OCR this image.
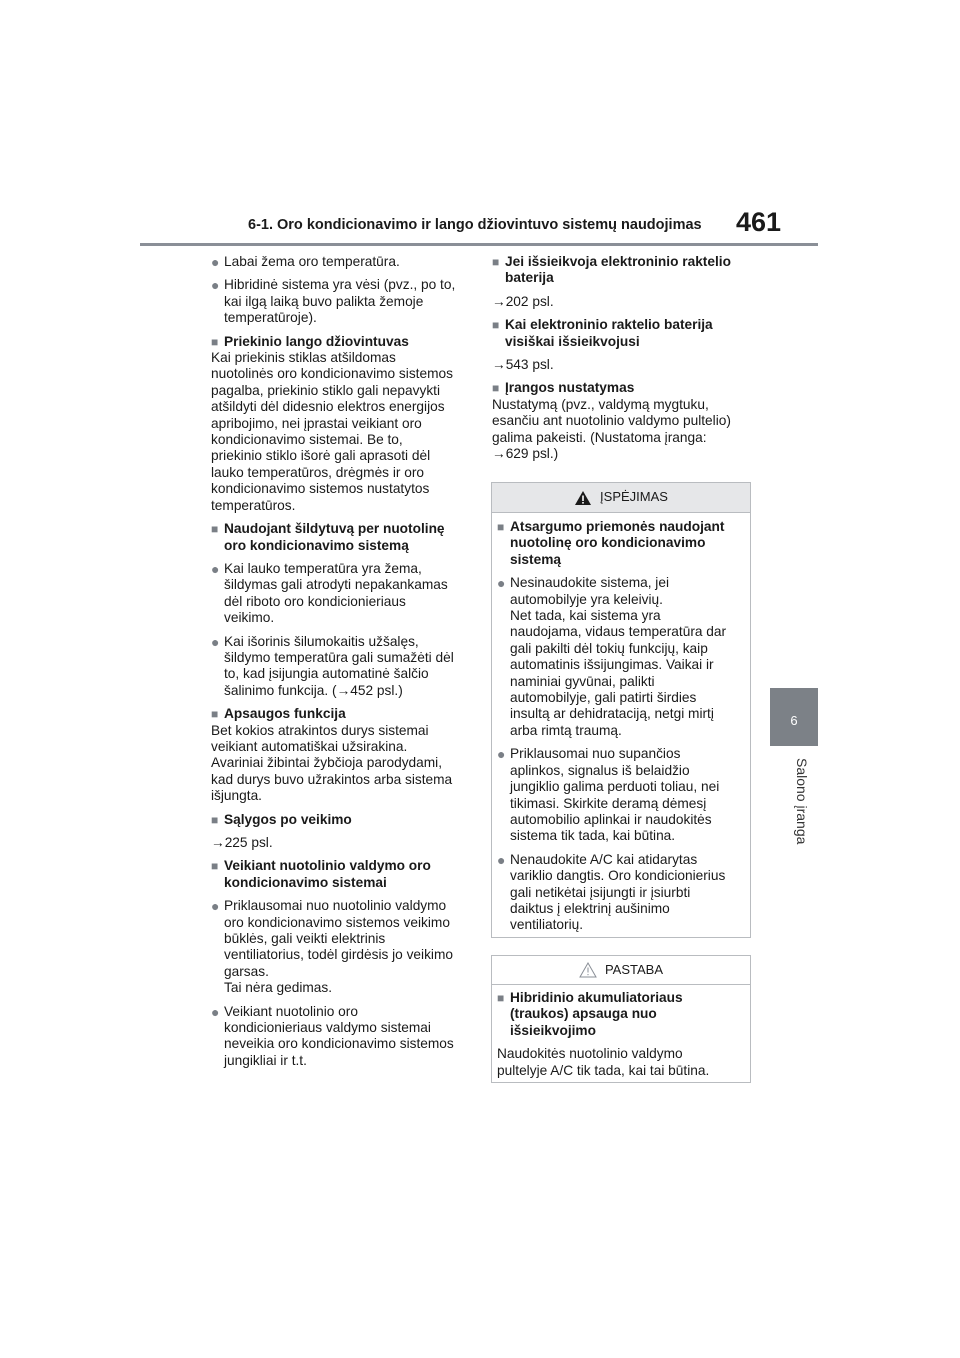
6-1. Oro kondicionavimo ir lango džiovintuvo sistemų naudojimas 461
6
Salono įranga
● Labai žema oro temperatūra.
● Hibridinė sistema yra vėsi (pvz., po to,
kai ilgą laiką buvo palikta žemoje
temperatūroje).
■ Priekinio lango džiovintuvas
Kai priekinis stiklas atšildomas
nuotolinės oro kondicionavimo sistemos
pagalba, priekinio stiklo gali nepavykti
atšildyti dėl didesnio elektros energijos
apribojimo, nei įprastai veikiant oro
kondicionavimo sistemai. Be to,
priekinio stiklo išorė gali aprasoti dėl
lauko temperatūros, drėgmės ir oro
kondicionavimo sistemos nustatytos
temperatūros.
■ Naudojant šildytuvą per nuotolinę
oro kondicionavimo sistemą
● Kai lauko temperatūra yra žema,
šildymas gali atrodyti nepakankamas
dėl riboto oro kondicionieriaus
veikimo.
● Kai išorinis šilumokaitis užšalęs,
šildymo temperatūra gali sumažėti dėl
to, kad įsijungia automatinė šalčio
šalinimo funkcija. (→452 psl.)
■ Apsaugos funkcija
Bet kokios atrakintos durys sistemai
veikiant automatiškai užsirakina.
Avariniai žibintai žybčioja parodydami,
kad durys buvo užrakintos arba sistema
išjungta.
■ Sąlygos po veikimo
→225 psl.
■ Veikiant nuotolinio valdymo oro
kondicionavimo sistemai
● Priklausomai nuo nuotolinio valdymo
oro kondicionavimo sistemos veikimo
būklės, gali veikti elektrinis
ventiliatorius, todėl girdėsis jo veikimo
garsas.
Tai nėra gedimas.
● Veikiant nuotolinio oro
kondicionieriaus valdymo sistemai
neveikia oro kondicionavimo sistemos
jungikliai ir t.t.
■ Jei išsieikvoja elektroninio raktelio
baterija
→202 psl.
■ Kai elektroninio raktelio baterija
visiškai išsieikvojusi
→543 psl.
■ Įrangos nustatymas
Nustatymą (pvz., valdymą mygtuku,
esančiu ant nuotolinio valdymo pultelio)
galima pakeisti. (Nustatoma įranga:
→629 psl.)
ĮSPĖJIMAS
■ Atsargumo priemonės naudojant
nuotolinę oro kondicionavimo
sistemą
● Nesinaudokite sistema, jei
automobilyje yra keleivių.
Net tada, kai sistema yra
naudojama, vidaus temperatūra dar
gali pakilti dėl tokių funkcijų, kaip
automatinis išsijungimas. Vaikai ir
naminiai gyvūnai, palikti
automobilyje, gali patirti širdies
insultą ar dehidrataciją, netgi mirtį
arba rimtą traumą.
● Priklausomai nuo supančios
aplinkos, signalus iš belaidžio
jungiklio galima perduoti toliau, nei
tikimasi. Skirkite deramą dėmesį
automobilio aplinkai ir naudokitės
sistema tik tada, kai būtina.
● Nenaudokite A/C kai atidarytas
variklio dangtis. Oro kondicionierius
gali netikėtai įsijungti ir įsiurbti
daiktus į elektrinį aušinimo
ventiliatorių.
PASTABA
■ Hibridinio akumuliatoriaus
(traukos) apsauga nuo
išsieikvojimo
Naudokitės nuotolinio valdymo
pultelyje A/C tik tada, kai tai būtina.
